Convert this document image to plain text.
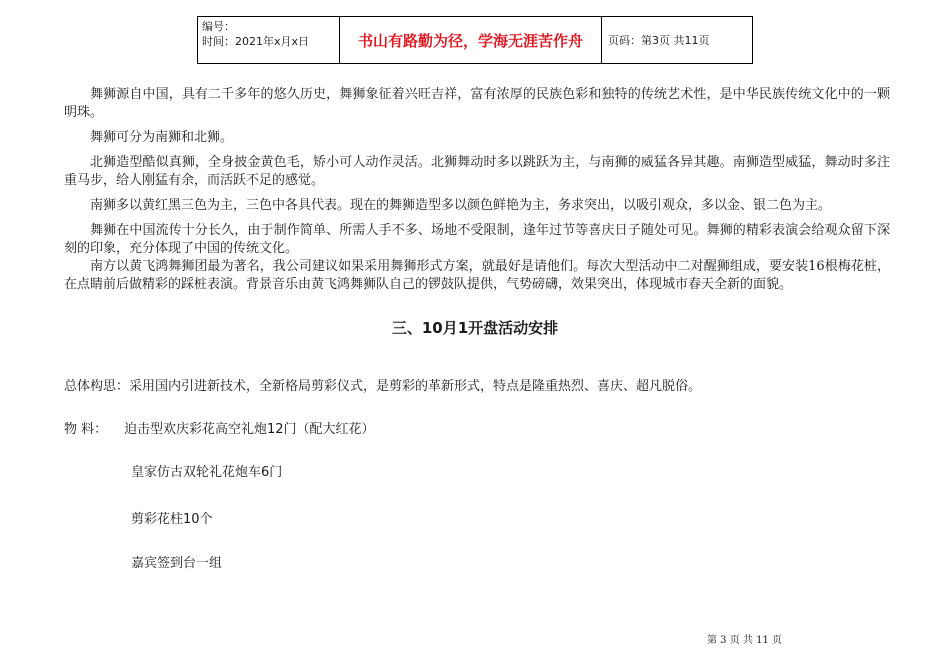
编号：
时间：2021年x月x日	书山有路勤为径，学海无涯苦作舟	页码：第3页 共11页

舞狮源自中国，具有二千多年的悠久历史，舞狮象征着兴旺吉祥，富有浓厚的民族色彩和独特的传统艺术性，是中华民族传统文化中的一颗明珠。

舞狮可分为南狮和北狮。

北狮造型酷似真狮，全身披金黄色毛，矫小可人动作灵活。北狮舞动时多以跳跃为主，与南狮的威猛各异其趣。南狮造型威猛，舞动时多注重马步，给人刚猛有余，而活跃不足的感觉。

南狮多以黄红黑三色为主，三色中各具代表。现在的舞狮造型多以颜色鲜艳为主，务求突出，以吸引观众，多以金、银二色为主。

舞狮在中国流传十分长久，由于制作简单、所需人手不多、场地不受限制，逢年过节等喜庆日子随处可见。舞狮的精彩表演会给观众留下深刻的印象，充分体现了中国的传统文化。

南方以黄飞鸿舞狮团最为著名，我公司建议如果采用舞狮形式方案，就最好是请他们。每次大型活动中二对醒狮组成，要安装16根梅花桩，在点睛前后做精彩的踩桩表演。背景音乐由黄飞鸿舞狮队自己的锣鼓队提供，气势磅礴，效果突出，体现城市春天全新的面貌。

三、10月1开盘活动安排
总体构思：采用国内引进新技术，全新格局剪彩仪式，是剪彩的革新形式，特点是隆重热烈、喜庆、超凡脱俗。
物 料： 迫击型欢庆彩花高空礼炮12门（配大红花）
皇家仿古双轮礼花炮车6门
剪彩花柱10个
嘉宾签到台一组
第 3 页 共 11 页
